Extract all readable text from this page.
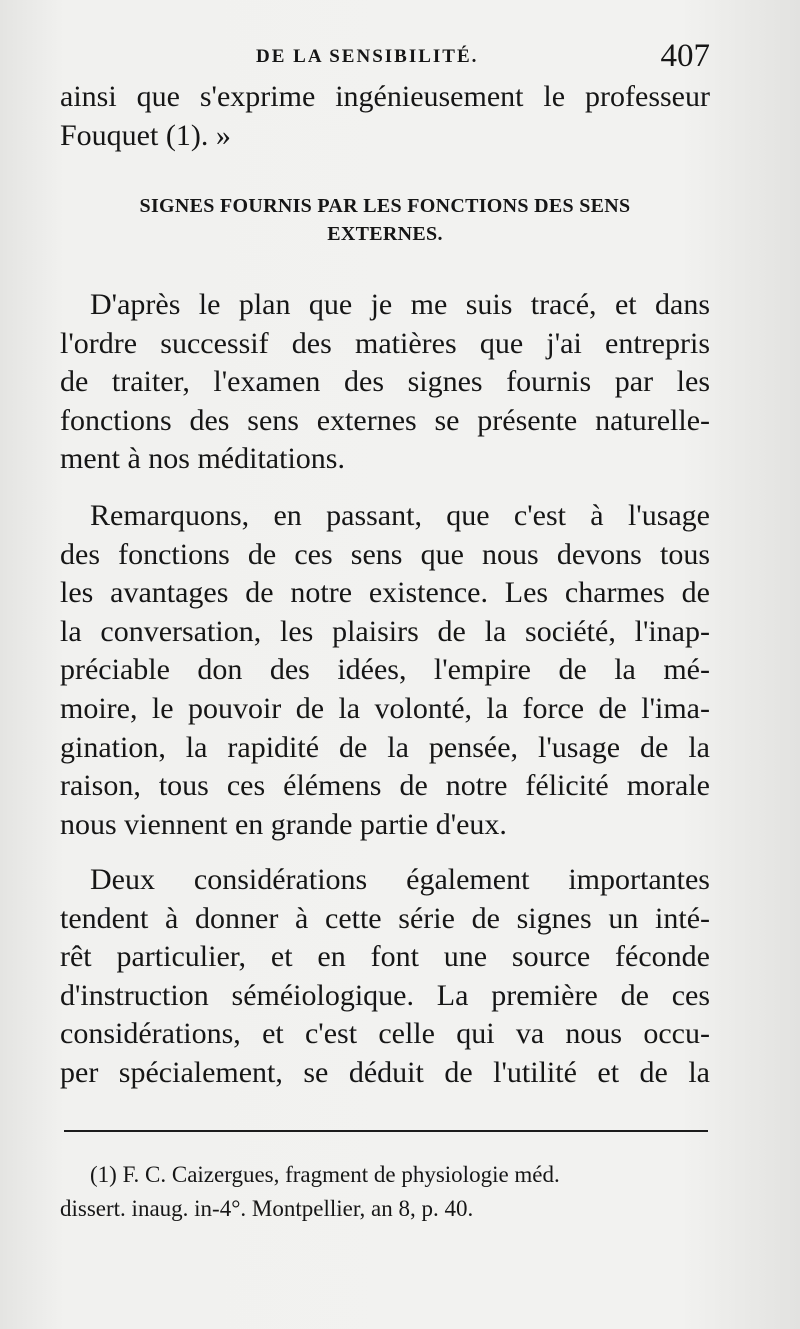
DE LA SENSIBILITÉ.	407
ainsi que s'exprime ingénieusement le professeur
Fouquet (1). »
SIGNES FOURNIS PAR LES FONCTIONS DES SENS
EXTERNES.
D'après le plan que je me suis tracé, et dans
l'ordre successif des matières que j'ai entrepris
de traiter, l'examen des signes fournis par les
fonctions des sens externes se présente naturelle-
ment à nos méditations.
Remarquons, en passant, que c'est à l'usage
des fonctions de ces sens que nous devons tous
les avantages de notre existence. Les charmes de
la conversation, les plaisirs de la société, l'inap-
préciable don des idées, l'empire de la mé-
moire, le pouvoir de la volonté, la force de l'ima-
gination, la rapidité de la pensée, l'usage de la
raison, tous ces élémens de notre félicité morale
nous viennent en grande partie d'eux.
Deux considérations également importantes
tendent à donner à cette série de signes un inté-
rêt particulier, et en font une source féconde
d'instruction séméiologique. La première de ces
considérations, et c'est celle qui va nous occu-
per spécialement, se déduit de l'utilité et de la
(1) F. C. Caizergues, fragment de physiologie méd.
dissert. inaug. in-4°. Montpellier, an 8, p. 40.
